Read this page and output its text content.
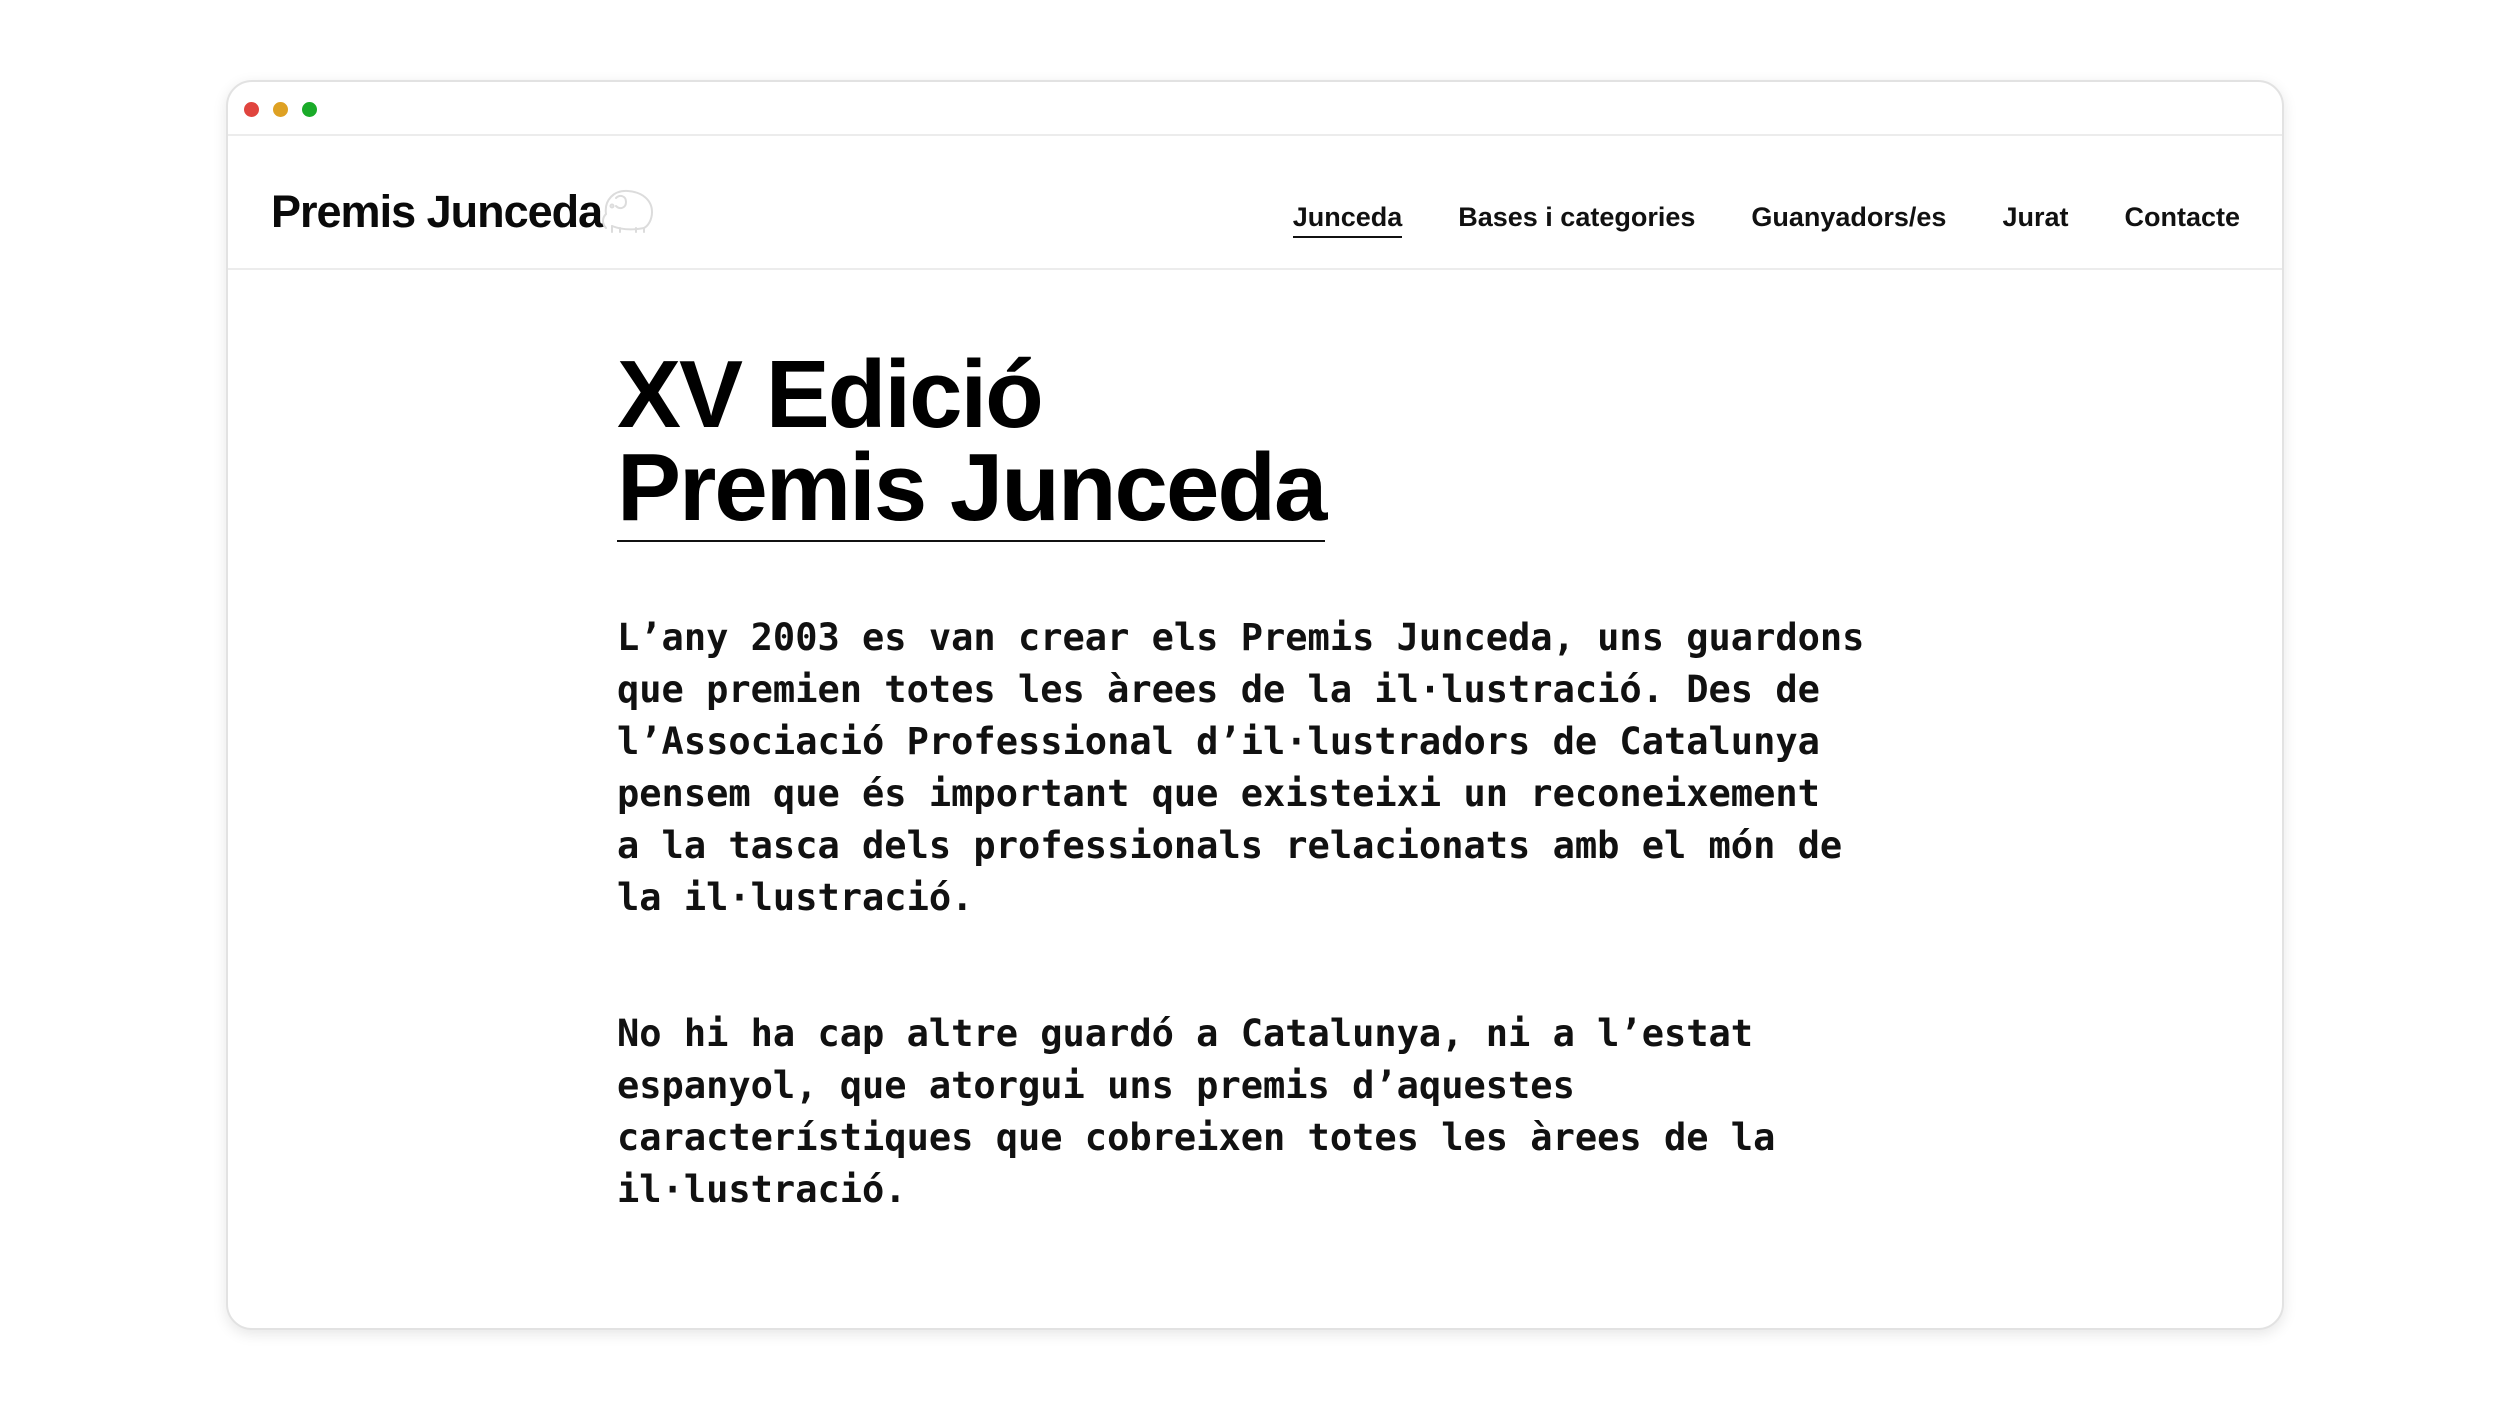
Premis Junceda	Junceda Bases i categories Guanyadors/es Jurat Contacte
XV Edició
Premis Junceda

L’any 2003 es van crear els Premis Junceda, uns guardons
que premien totes les àrees de la il·lustració. Des de
l’Associació Professional d’il·lustradors de Catalunya
pensem que és important que existeixi un reconeixement
a la tasca dels professionals relacionats amb el món de
la il·lustració.

No hi ha cap altre guardó a Catalunya, ni a l’estat
espanyol, que atorgui uns premis d’aquestes
característiques que cobreixen totes les àrees de la
il·lustració.
